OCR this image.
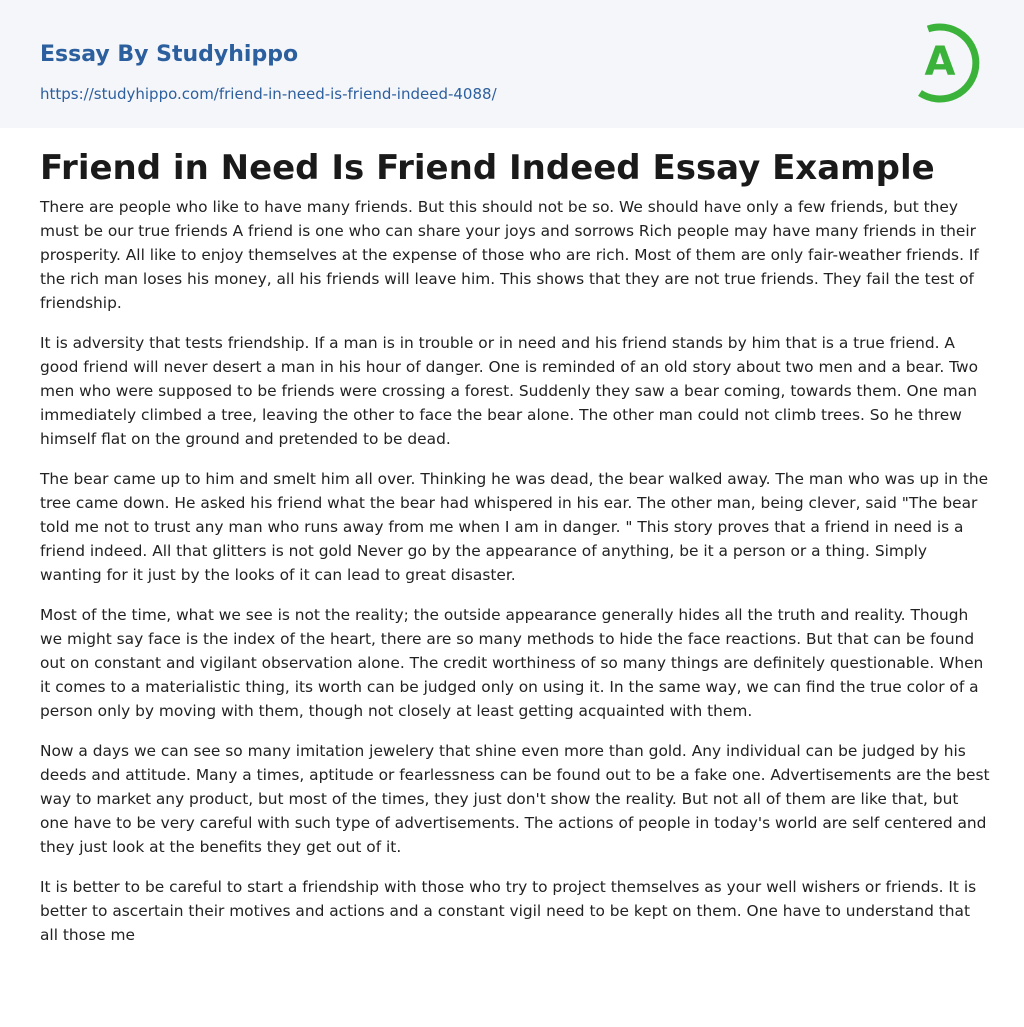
Essay By Studyhippo
https://studyhippo.com/friend-in-need-is-friend-indeed-4088/
A
Friend in Need Is Friend Indeed Essay Example

There are people who like to have many friends. But this should not be so. We should have only a few friends, but they must be our true friends A friend is one who can share your joys and sorrows Rich people may have many friends in their prosperity. All like to enjoy themselves at the expense of those who are rich. Most of them are only fair-weather friends. If the rich man loses his money, all his friends will leave him. This shows that they are not true friends. They fail the test of friendship.

It is adversity that tests friendship. If a man is in trouble or in need and his friend stands by him that is a true friend. A good friend will never desert a man in his hour of danger. One is reminded of an old story about two men and a bear. Two men who were supposed to be friends were crossing a forest. Suddenly they saw a bear coming, towards them. One man immediately climbed a tree, leaving the other to face the bear alone. The other man could not climb trees. So he threw himself flat on the ground and pretended to be dead.

The bear came up to him and smelt him all over. Thinking he was dead, the bear walked away. The man who was up in the tree came down. He asked his friend what the bear had whispered in his ear. The other man, being clever, said "The bear told me not to trust any man who runs away from me when I am in danger. " This story proves that a friend in need is a friend indeed. All that glitters is not gold Never go by the appearance of anything, be it a person or a thing. Simply wanting for it just by the looks of it can lead to great disaster.

Most of the time, what we see is not the reality; the outside appearance generally hides all the truth and reality. Though we might say face is the index of the heart, there are so many methods to hide the face reactions. But that can be found out on constant and vigilant observation alone. The credit worthiness of so many things are definitely questionable. When it comes to a materialistic thing, its worth can be judged only on using it. In the same way, we can find the true color of a person only by moving with them, though not closely at least getting acquainted with them.

Now a days we can see so many imitation jewelery that shine even more than gold. Any individual can be judged by his deeds and attitude. Many a times, aptitude or fearlessness can be found out to be a fake one. Advertisements are the best way to market any product, but most of the times, they just don't show the reality. But not all of them are like that, but one have to be very careful with such type of advertisements. The actions of people in today's world are self centered and they just look at the benefits they get out of it.

It is better to be careful to start a friendship with those who try to project themselves as your well wishers or friends. It is better to ascertain their motives and actions and a constant vigil need to be kept on them. One have to understand that all those me
